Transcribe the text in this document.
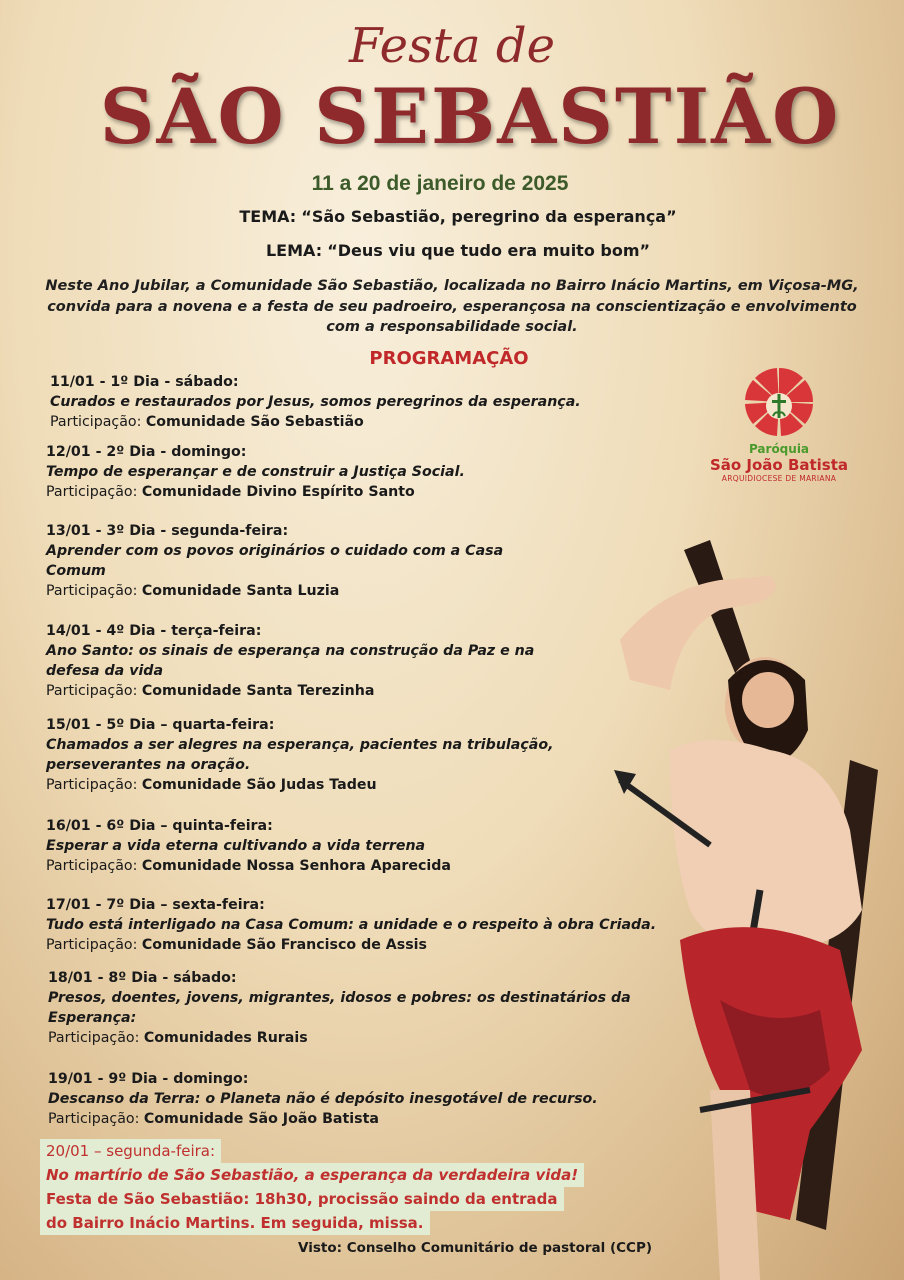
Festa de
SÃO SEBASTIÃO
11 a 20 de janeiro de 2025
TEMA: “São Sebastião, peregrino da esperança”
LEMA: “Deus viu que tudo era muito bom”
Neste Ano Jubilar, a Comunidade São Sebastião, localizada no Bairro Inácio Martins, em Viçosa-MG, convida para a novena e a festa de seu padroeiro, esperançosa na conscientização e envolvimento com a responsabilidade social.
PROGRAMAÇÃO
11/01 - 1º Dia - sábado:
Curados e restaurados por Jesus, somos peregrinos da esperança.
Participação: Comunidade São Sebastião
12/01 - 2º Dia - domingo:
Tempo de esperançar e de construir a Justiça Social.
Participação: Comunidade Divino Espírito Santo
13/01 - 3º Dia - segunda-feira:
Aprender com os povos originários o cuidado com a Casa Comum
Participação: Comunidade Santa Luzia
14/01 - 4º Dia - terça-feira:
Ano Santo: os sinais de esperança na construção da Paz e na defesa da vida
Participação: Comunidade Santa Terezinha
15/01 - 5º Dia – quarta-feira:
Chamados a ser alegres na esperança, pacientes na tribulação, perseverantes na oração.
Participação: Comunidade São Judas Tadeu
16/01 - 6º Dia – quinta-feira:
Esperar a vida eterna cultivando a vida terrena
Participação: Comunidade Nossa Senhora Aparecida
17/01 - 7º Dia – sexta-feira:
Tudo está interligado na Casa Comum: a unidade e o respeito à obra Criada.
Participação: Comunidade São Francisco de Assis
18/01 - 8º Dia - sábado:
Presos, doentes, jovens, migrantes, idosos e pobres: os destinatários da Esperança:
Participação: Comunidades Rurais
19/01 - 9º Dia - domingo:
Descanso da Terra: o Planeta não é depósito inesgotável de recurso.
Participação: Comunidade São João Batista
20/01 – segunda-feira:
No martírio de São Sebastião, a esperança da verdadeira vida!
Festa de São Sebastião: 18h30, procissão saindo da entrada
do Bairro Inácio Martins. Em seguida, missa.
Visto: Conselho Comunitário de pastoral (CCP)
Paróquia
São João Batista
ARQUIDIOCESE DE MARIANA
